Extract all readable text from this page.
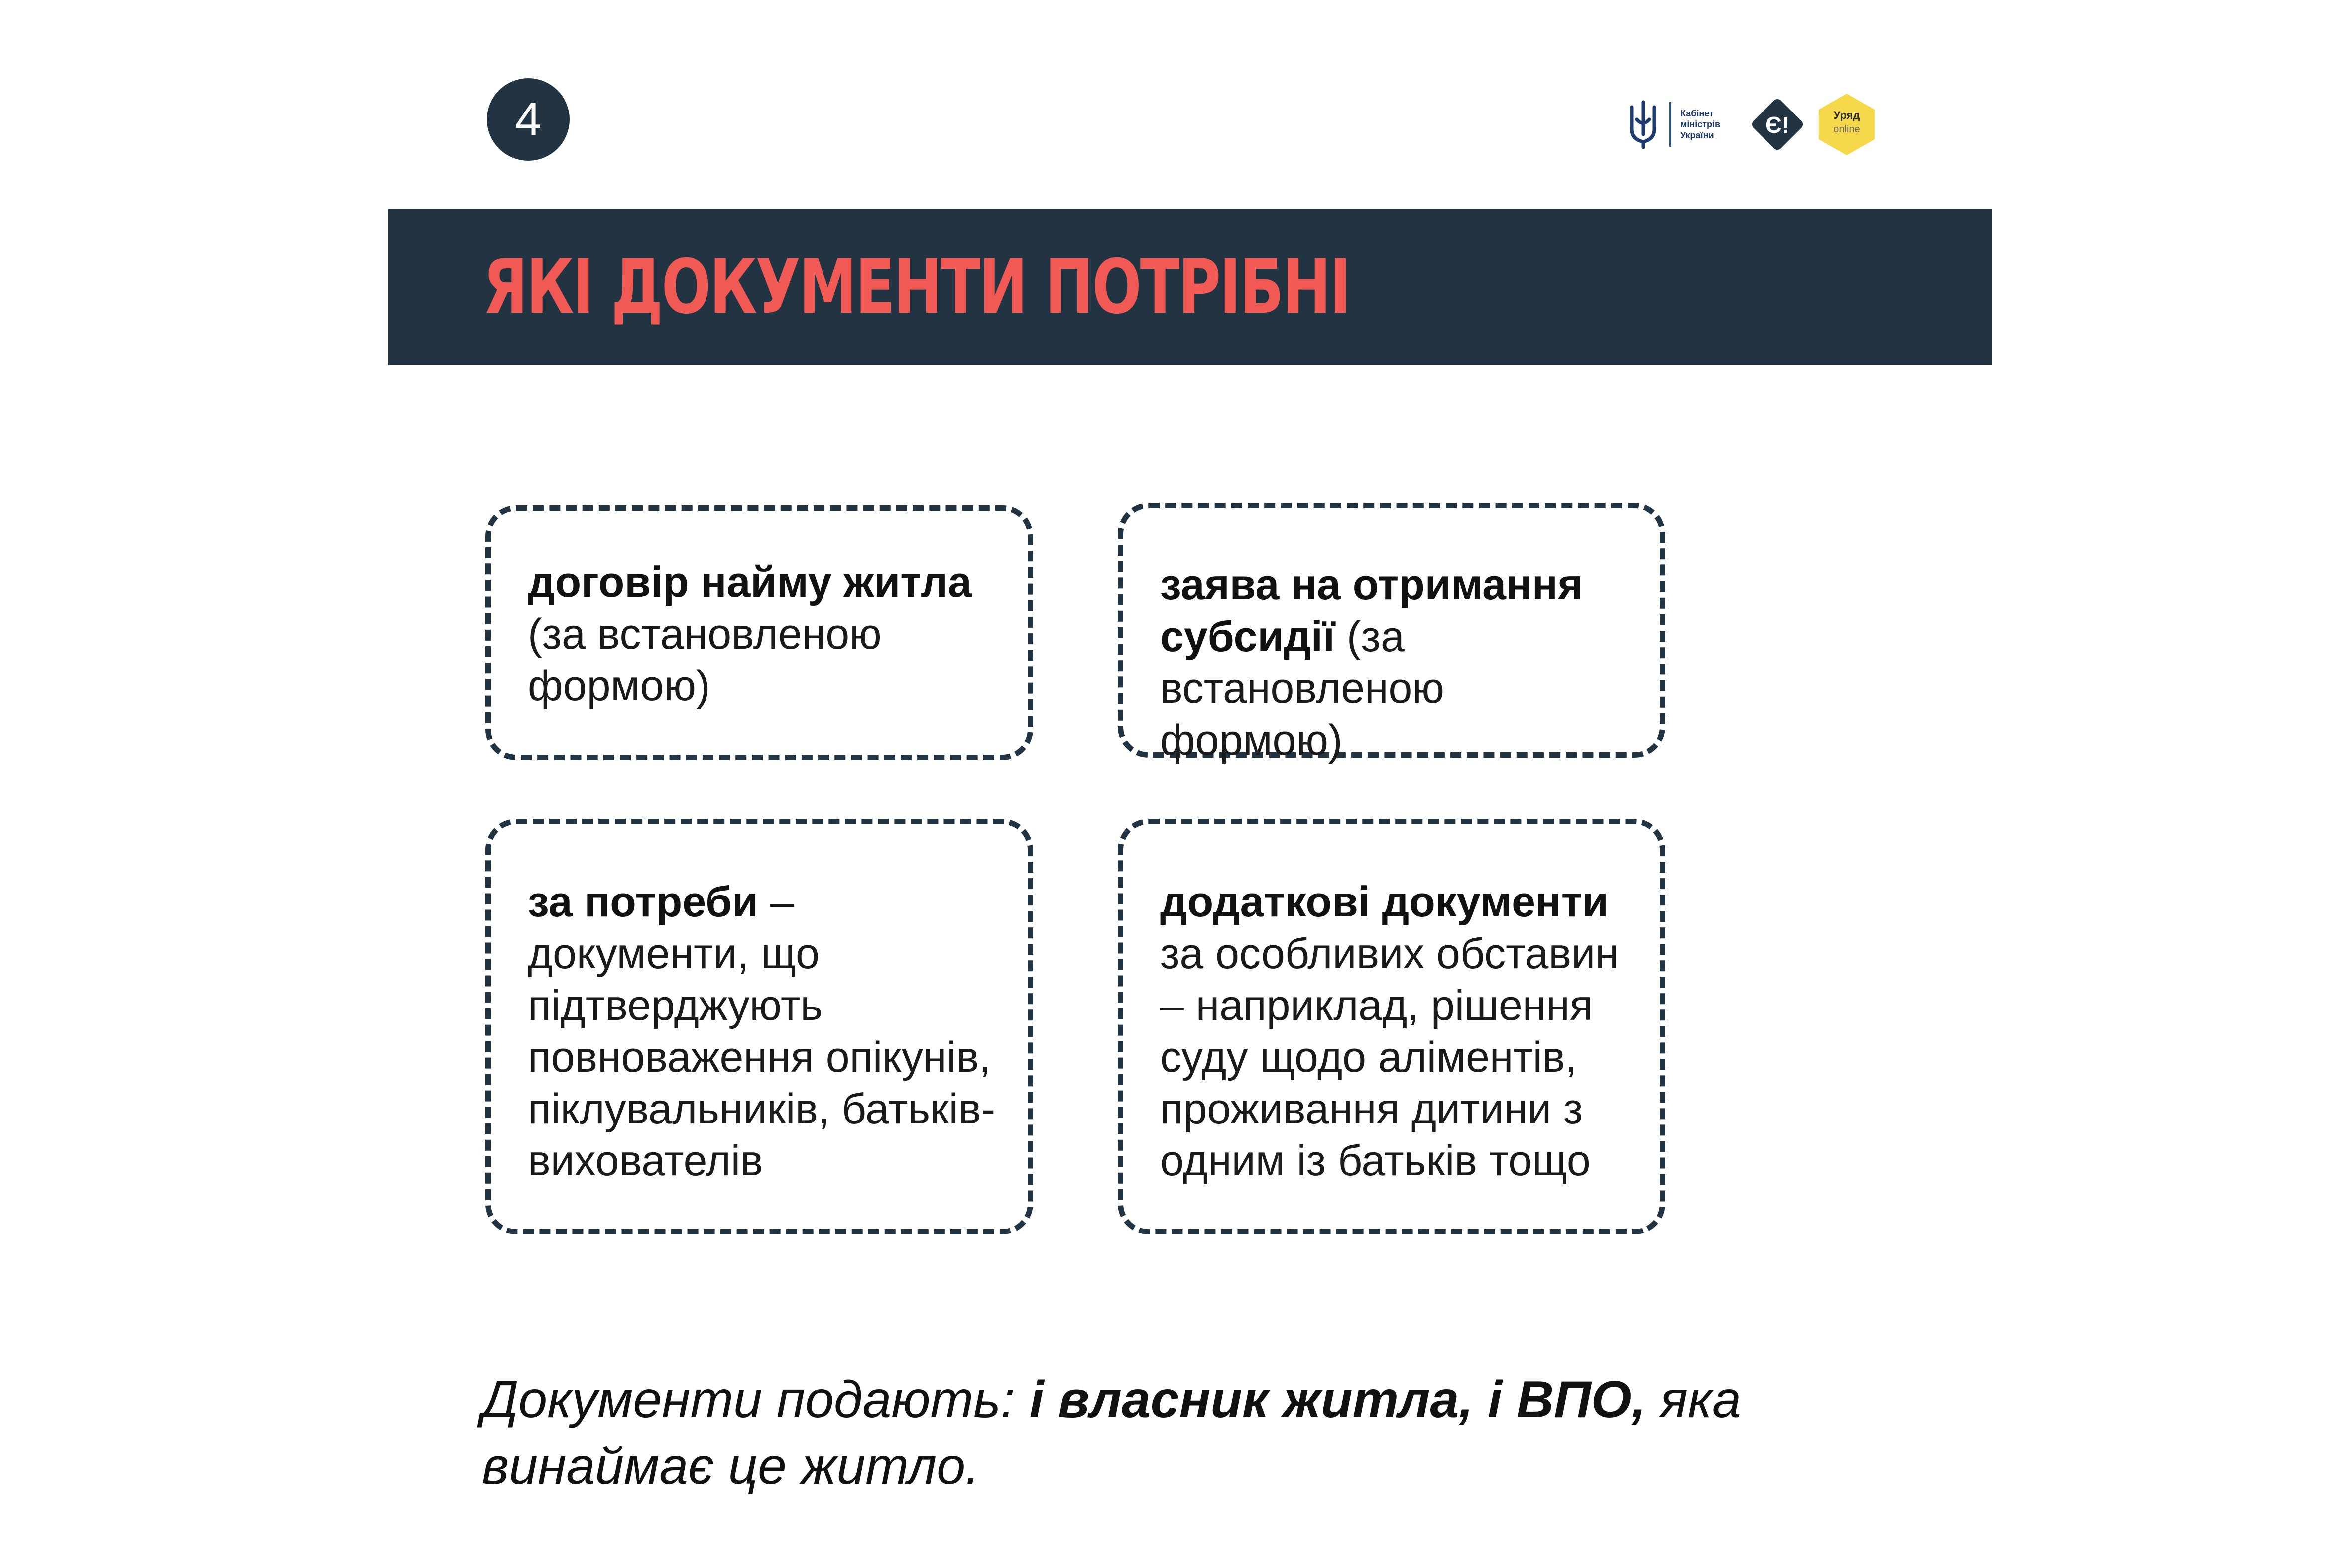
4	Кабінет
міністрів
України	Є!	Уряд
online
ЯКІ ДОКУМЕНТИ ПОТРІБНІ
договір найму житла (за встановленою формою)
заява на отримання субсидії (за встановленою формою)
за потреби – документи, що підтверджують повноваження опікунів, піклувальників, батьків-вихователів
додаткові документи за особливих обставин – наприклад, рішення суду щодо аліментів, проживання дитини з одним із батьків тощо
Документи подають: і власник житла, і ВПО, яка винаймає це житло.
